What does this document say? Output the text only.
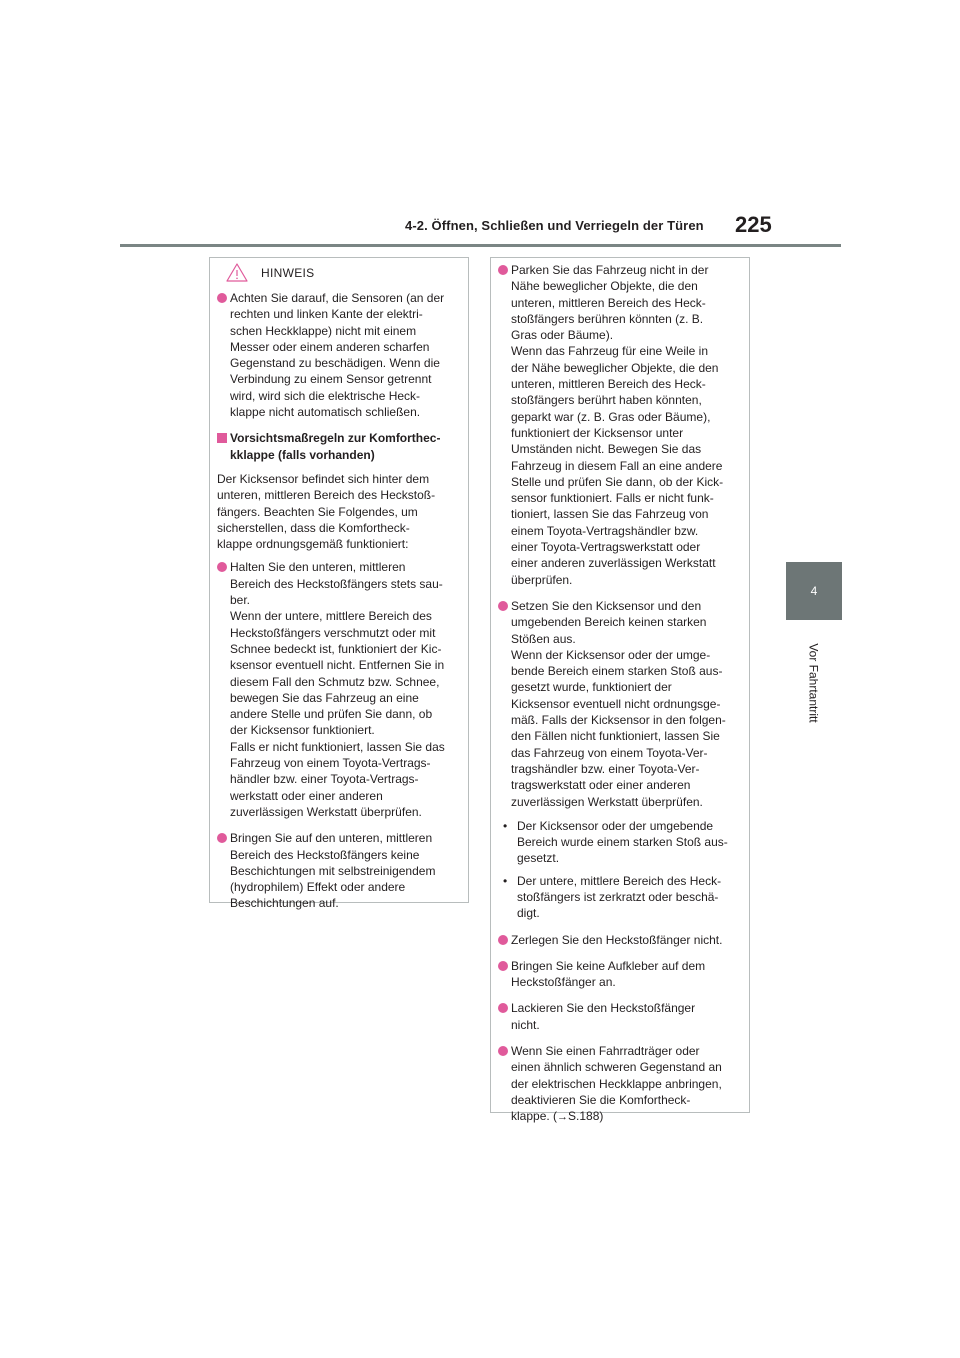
4-2. Öffnen, Schließen und Verriegeln der Türen 225
4
Vor Fahrtantritt
HINWEIS
Achten Sie darauf, die Sensoren (an der
rechten und linken Kante der elektri-
schen Heckklappe) nicht mit einem
Messer oder einem anderen scharfen
Gegenstand zu beschädigen. Wenn die
Verbindung zu einem Sensor getrennt
wird, wird sich die elektrische Heck-
klappe nicht automatisch schließen.
Vorsichtsmaßregeln zur Komforthec-
kklappe (falls vorhanden)
Der Kicksensor befindet sich hinter dem
unteren, mittleren Bereich des Heckstoß-
fängers. Beachten Sie Folgendes, um
sicherstellen, dass die Komfortheck-
klappe ordnungsgemäß funktioniert:
Halten Sie den unteren, mittleren
Bereich des Heckstoßfängers stets sau-
ber.
Wenn der untere, mittlere Bereich des
Heckstoßfängers verschmutzt oder mit
Schnee bedeckt ist, funktioniert der Kic-
ksensor eventuell nicht. Entfernen Sie in
diesem Fall den Schmutz bzw. Schnee,
bewegen Sie das Fahrzeug an eine
andere Stelle und prüfen Sie dann, ob
der Kicksensor funktioniert.
Falls er nicht funktioniert, lassen Sie das
Fahrzeug von einem Toyota-Vertrags-
händler bzw. einer Toyota-Vertrags-
werkstatt oder einer anderen
zuverlässigen Werkstatt überprüfen.
Bringen Sie auf den unteren, mittleren
Bereich des Heckstoßfängers keine
Beschichtungen mit selbstreinigendem
(hydrophilem) Effekt oder andere
Beschichtungen auf.
Parken Sie das Fahrzeug nicht in der
Nähe beweglicher Objekte, die den
unteren, mittleren Bereich des Heck-
stoßfängers berühren könnten (z. B.
Gras oder Bäume).
Wenn das Fahrzeug für eine Weile in
der Nähe beweglicher Objekte, die den
unteren, mittleren Bereich des Heck-
stoßfängers berührt haben könnten,
geparkt war (z. B. Gras oder Bäume),
funktioniert der Kicksensor unter
Umständen nicht. Bewegen Sie das
Fahrzeug in diesem Fall an eine andere
Stelle und prüfen Sie dann, ob der Kick-
sensor funktioniert. Falls er nicht funk-
tioniert, lassen Sie das Fahrzeug von
einem Toyota-Vertragshändler bzw.
einer Toyota-Vertragswerkstatt oder
einer anderen zuverlässigen Werkstatt
überprüfen.
Setzen Sie den Kicksensor und den
umgebenden Bereich keinen starken
Stößen aus.
Wenn der Kicksensor oder der umge-
bende Bereich einem starken Stoß aus-
gesetzt wurde, funktioniert der
Kicksensor eventuell nicht ordnungsge-
mäß. Falls der Kicksensor in den folgen-
den Fällen nicht funktioniert, lassen Sie
das Fahrzeug von einem Toyota-Ver-
tragshändler bzw. einer Toyota-Ver-
tragswerkstatt oder einer anderen
zuverlässigen Werkstatt überprüfen.
• Der Kicksensor oder der umgebende
Bereich wurde einem starken Stoß aus-
gesetzt.
• Der untere, mittlere Bereich des Heck-
stoßfängers ist zerkratzt oder beschä-
digt.
Zerlegen Sie den Heckstoßfänger nicht.
Bringen Sie keine Aufkleber auf dem
Heckstoßfänger an.
Lackieren Sie den Heckstoßfänger
nicht.
Wenn Sie einen Fahrradträger oder
einen ähnlich schweren Gegenstand an
der elektrischen Heckklappe anbringen,
deaktivieren Sie die Komfortheck-
klappe. (→S.188)
